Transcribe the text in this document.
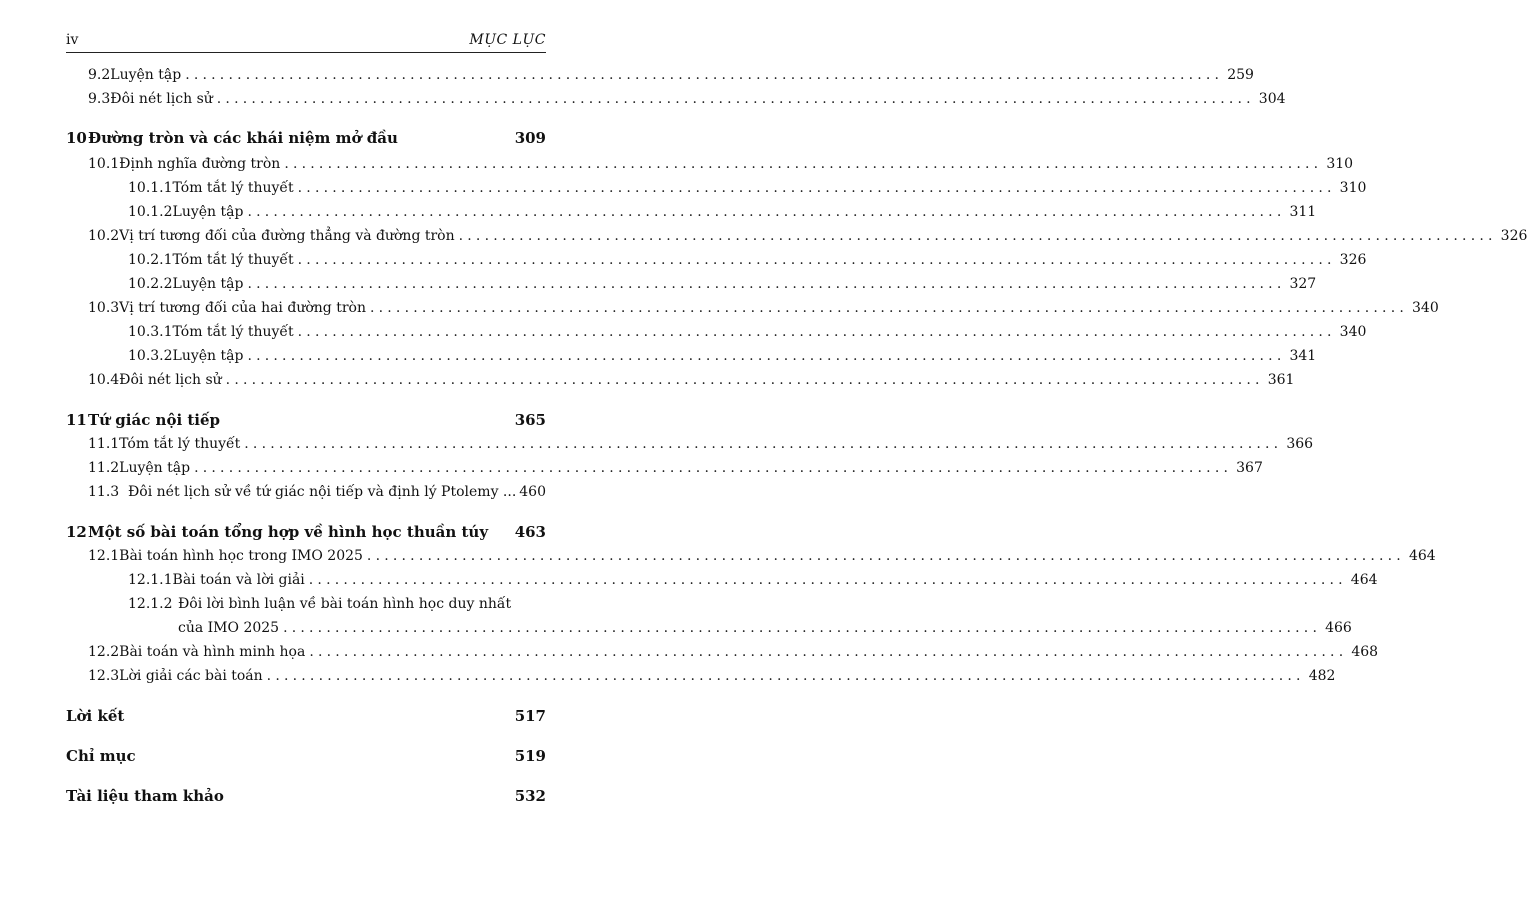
iv	MỤC LỤC
9.2 Luyện tập ........................................................................................................................ 259
9.3 Đôi nét lịch sử ........................................................................................................................ 304
10 Đường tròn và các khái niệm mở đầu	309
10.1 Định nghĩa đường tròn ........................................................................................................................ 310
10.1.1 Tóm tắt lý thuyết ........................................................................................................................ 310
10.1.2 Luyện tập ........................................................................................................................ 311
10.2 Vị trí tương đối của đường thẳng và đường tròn ........................................................................................................................ 326
10.2.1 Tóm tắt lý thuyết ........................................................................................................................ 326
10.2.2 Luyện tập ........................................................................................................................ 327
10.3 Vị trí tương đối của hai đường tròn ........................................................................................................................ 340
10.3.1 Tóm tắt lý thuyết ........................................................................................................................ 340
10.3.2 Luyện tập ........................................................................................................................ 341
10.4 Đôi nét lịch sử ........................................................................................................................ 361
11 Tứ giác nội tiếp	365
11.1 Tóm tắt lý thuyết ........................................................................................................................ 366
11.2 Luyện tập ........................................................................................................................ 367
11.3 Đôi nét lịch sử về tứ giác nội tiếp và định lý Ptolemy ... 460
12 Một số bài toán tổng hợp về hình học thuần túy 463
12.1 Bài toán hình học trong IMO 2025 ........................................................................................................................ 464
12.1.1 Bài toán và lời giải ........................................................................................................................ 464
12.1.2 Đôi lời bình luận về bài toán hình học duy nhất
của IMO 2025 ........................................................................................................................ 466
12.2 Bài toán và hình minh họa ........................................................................................................................ 468
12.3 Lời giải các bài toán ........................................................................................................................ 482
Lời kết	517
Chỉ mục	519
Tài liệu tham khảo	532
